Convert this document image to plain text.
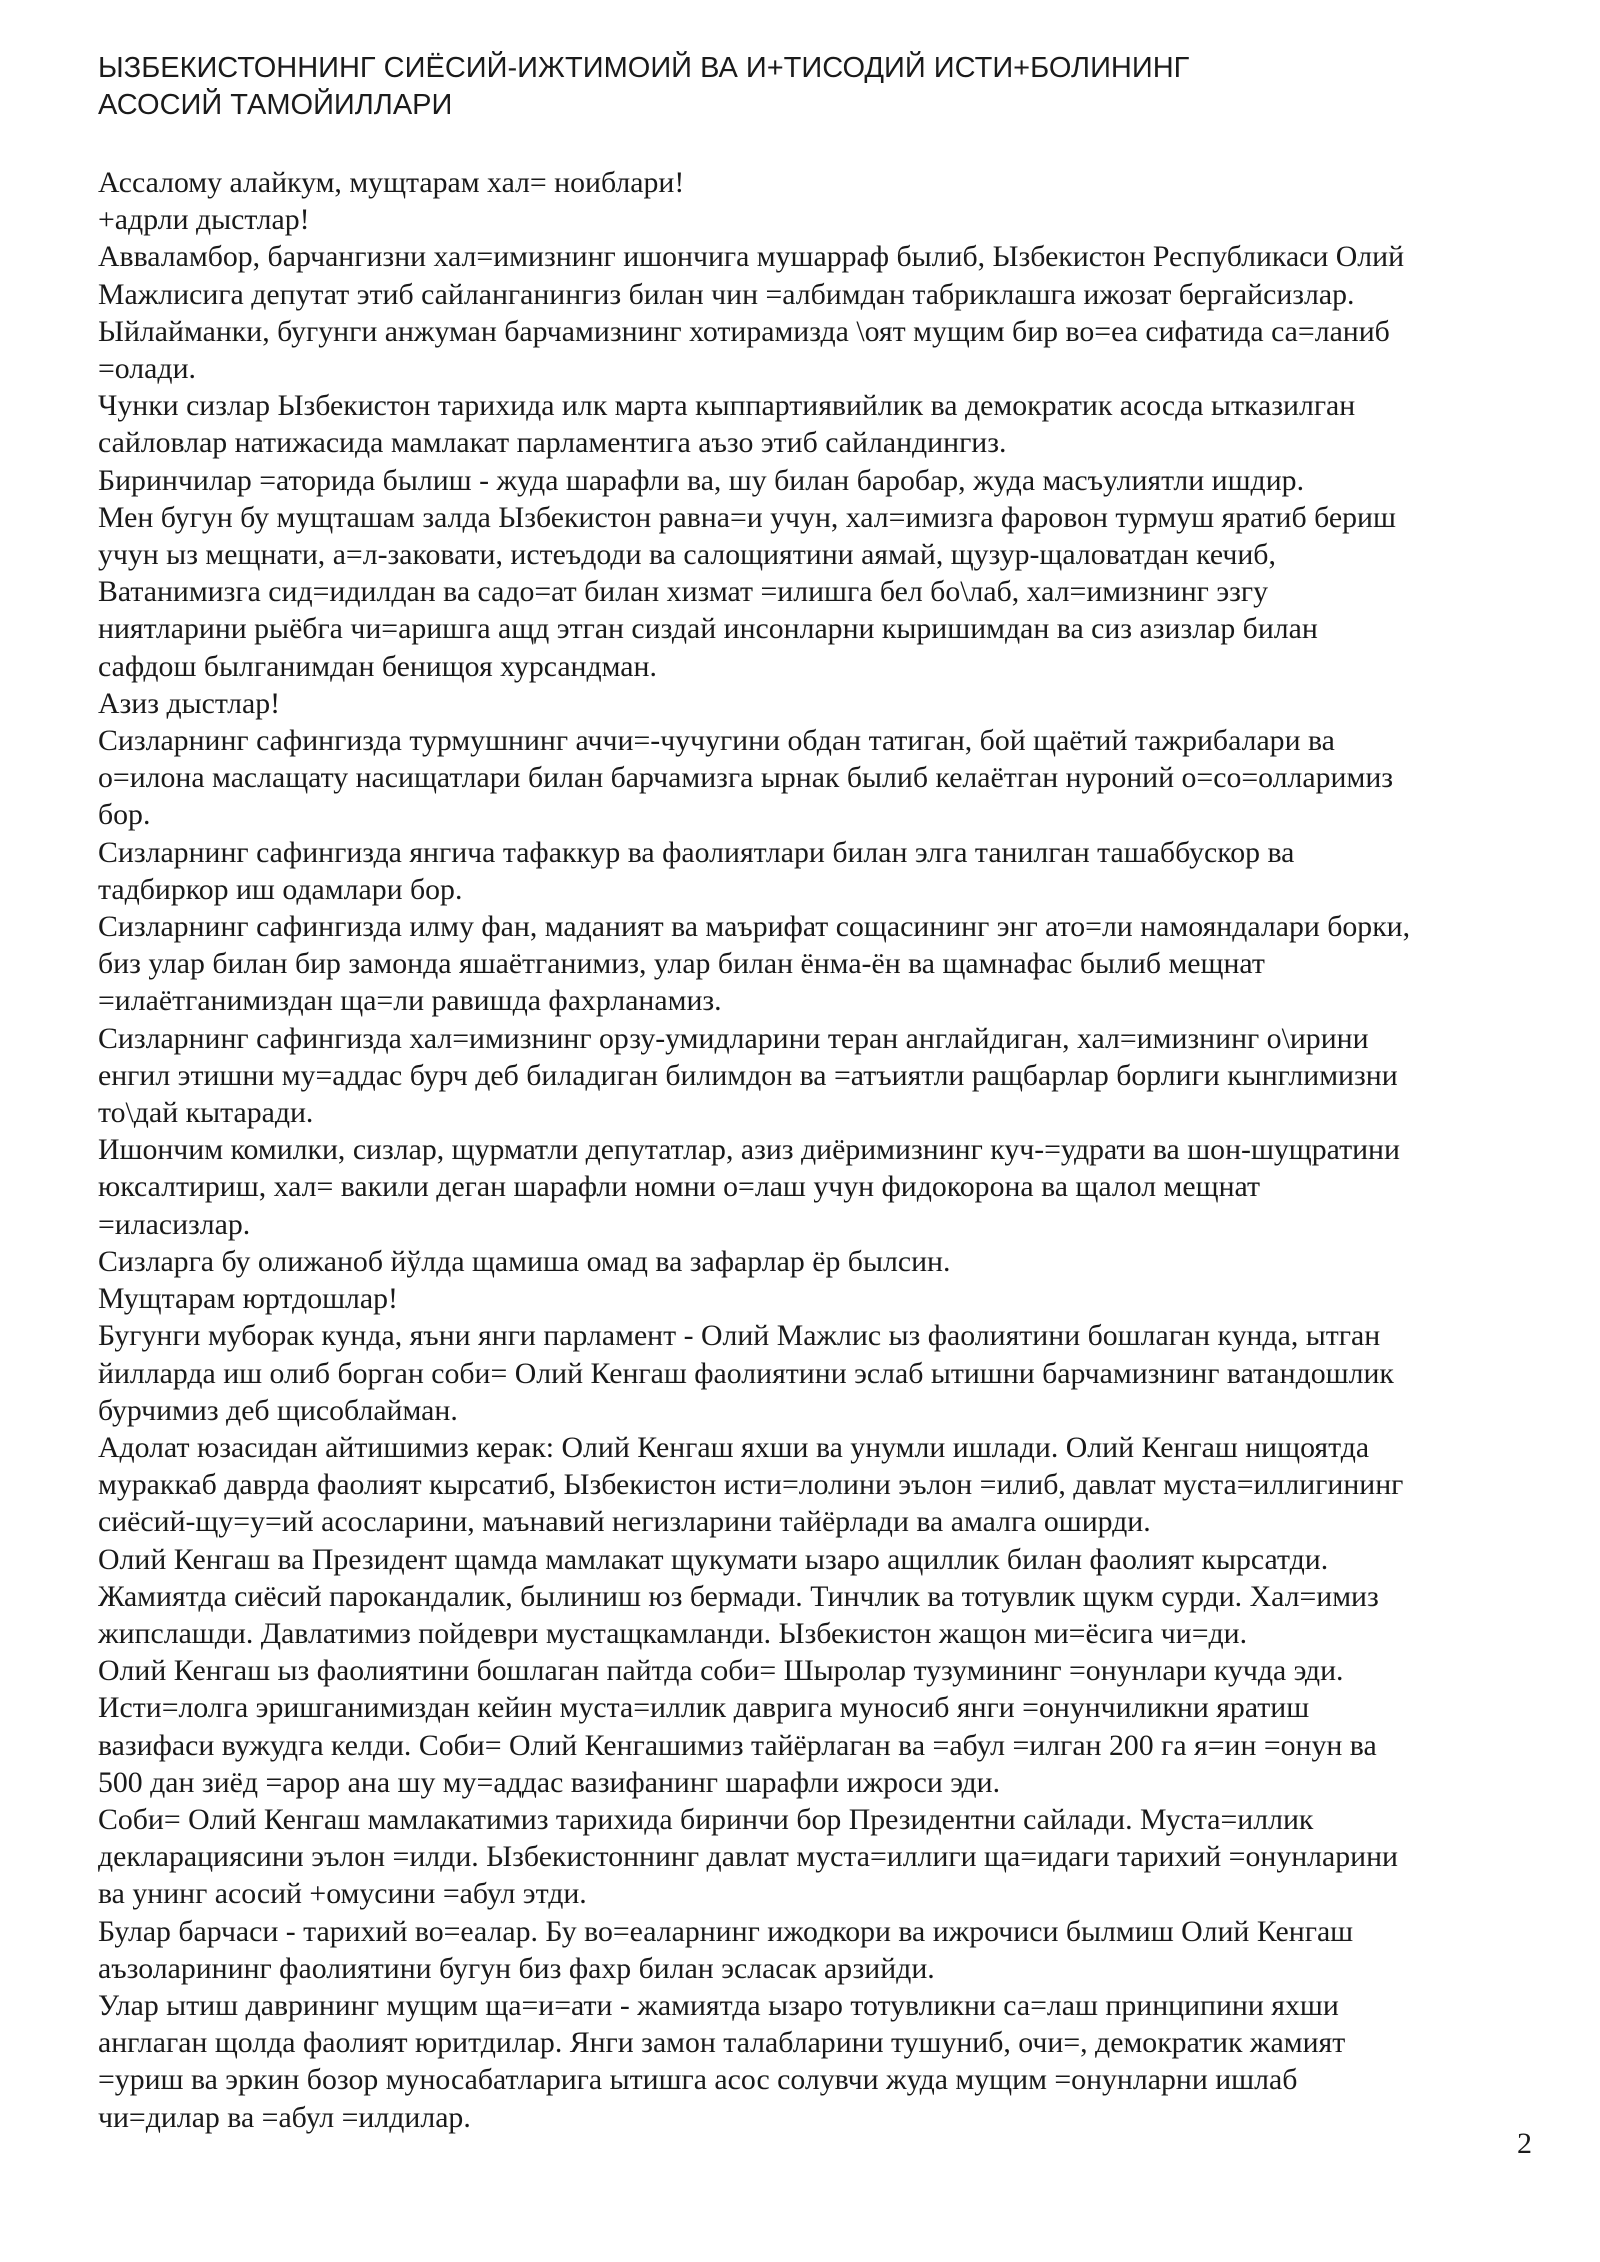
ЫЗБЕКИСТОННИНГ СИЁСИЙ-ИЖТИМОИЙ ВА И+ТИСОДИЙ ИСТИ+БОЛИНИНГ
АСОСИЙ ТАМОЙИЛЛАРИ

Ассалому алайкум, мущтарам хал= ноиблари!

+адрли дыстлар!

Авваламбор, барчангизни хал=имизнинг ишончига мушарраф былиб, Ызбекистон Республикаси Олий
Мажлисига депутат этиб сайланганингиз билан чин =албимдан табриклашга ижозат бергайсизлар.
Ыйлайманки, бугунги анжуман барчамизнинг хотирамизда \оят мущим бир во=еа сифатида са=ланиб
=олади.

Чунки сизлар Ызбекистон тарихида илк марта кыппартиявийлик ва демократик асосда ытказилган
сайловлар натижасида мамлакат парламентига аъзо этиб сайландингиз.

Биринчилар =аторида былиш - жуда шарафли ва, шу билан баробар, жуда масъулиятли ишдир.

Мен бугун бу мущташам залда Ызбекистон равна=и учун, хал=имизга фаровон турмуш яратиб бериш
учун ыз мещнати, а=л-заковати, истеъдоди ва салощиятини аямай, щузур-щаловатдан кечиб,
Ватанимизга сид=идилдан ва садо=ат билан хизмат =илишга бел бо\лаб, хал=имизнинг эзгу
ниятларини рыёбга чи=аришга ащд этган сиздай инсонларни кыришимдан ва сиз азизлар билан
сафдош былганимдан бенищоя хурсандман.

Азиз дыстлар!

Сизларнинг сафингизда турмушнинг аччи=-чучугини обдан татиган, бой щаётий тажрибалари ва
о=илона маслащату насищатлари билан барчамизга ырнак былиб келаётган нуроний о=со=олларимиз
бор.

Сизларнинг сафингизда янгича тафаккур ва фаолиятлари билан элга танилган ташаббускор ва
тадбиркор иш одамлари бор.

Сизларнинг сафингизда илму фан, маданият ва маърифат сощасининг энг ато=ли намояндалари борки,
биз улар билан бир замонда яшаётганимиз, улар билан ёнма-ён ва щамнафас былиб мещнат
=илаётганимиздан ща=ли равишда фахрланамиз.

Сизларнинг сафингизда хал=имизнинг орзу-умидларини теран англайдиган, хал=имизнинг о\ирини
енгил этишни му=аддас бурч деб биладиган билимдон ва =атъиятли ращбарлар борлиги кынглимизни
то\дай кытаради.

Ишончим комилки, сизлар, щурматли депутатлар, азиз диёримизнинг куч-=удрати ва шон-шущратини
юксалтириш, хал= вакили деган шарафли номни о=лаш учун фидокорона ва щалол мещнат
=иласизлар.

Сизларга бу олижаноб йўлда щамиша омад ва зафарлар ёр былсин.

Мущтарам юртдошлар!

Бугунги муборак кунда, яъни янги парламент - Олий Мажлис ыз фаолиятини бошлаган кунда, ытган
йилларда иш олиб борган соби= Олий Кенгаш фаолиятини эслаб ытишни барчамизнинг ватандошлик
бурчимиз деб щисоблайман.

Адолат юзасидан айтишимиз керак: Олий Кенгаш яхши ва унумли ишлади. Олий Кенгаш нищоятда
мураккаб даврда фаолият кырсатиб, Ызбекистон исти=лолини эълон =илиб, давлат муста=иллигининг
сиёсий-щу=у=ий асосларини, маънавий негизларини тайёрлади ва амалга оширди.

Олий Кенгаш ва Президент щамда мамлакат щукумати ызаро ащиллик билан фаолият кырсатди.
Жамиятда сиёсий парокандалик, былиниш юз бермади. Тинчлик ва тотувлик щукм сурди. Хал=имиз
жипслашди. Давлатимиз пойдеври мустащкамланди. Ызбекистон жащон ми=ёсига чи=ди.

Олий Кенгаш ыз фаолиятини бошлаган пайтда соби= Шыролар тузумининг =онунлари кучда эди.
Исти=лолга эришганимиздан кейин муста=иллик даврига муносиб янги =онунчиликни яратиш
вазифаси вужудга келди. Соби= Олий Кенгашимиз тайёрлаган ва =абул =илган 200 га я=ин =онун ва
500 дан зиёд =арор ана шу му=аддас вазифанинг шарафли ижроси эди.

Соби= Олий Кенгаш мамлакатимиз тарихида биринчи бор Президентни сайлади. Муста=иллик
декларациясини эълон =илди. Ызбекистоннинг давлат муста=иллиги ща=идаги тарихий =онунларини
ва унинг асосий +омусини =абул этди.

Булар барчаси - тарихий во=еалар. Бу во=еаларнинг ижодкори ва ижрочиси былмиш Олий Кенгаш
аъзоларининг фаолиятини бугун биз фахр билан эсласак арзийди.

Улар ытиш даврининг мущим ща=и=ати - жамиятда ызаро тотувликни са=лаш принципини яхши
англаган щолда фаолият юритдилар. Янги замон талабларини тушуниб, очи=, демократик жамият
=уриш ва эркин бозор муносабатларига ытишга асос солувчи жуда мущим =онунларни ишлаб
чи=дилар ва =абул =илдилар.

2
